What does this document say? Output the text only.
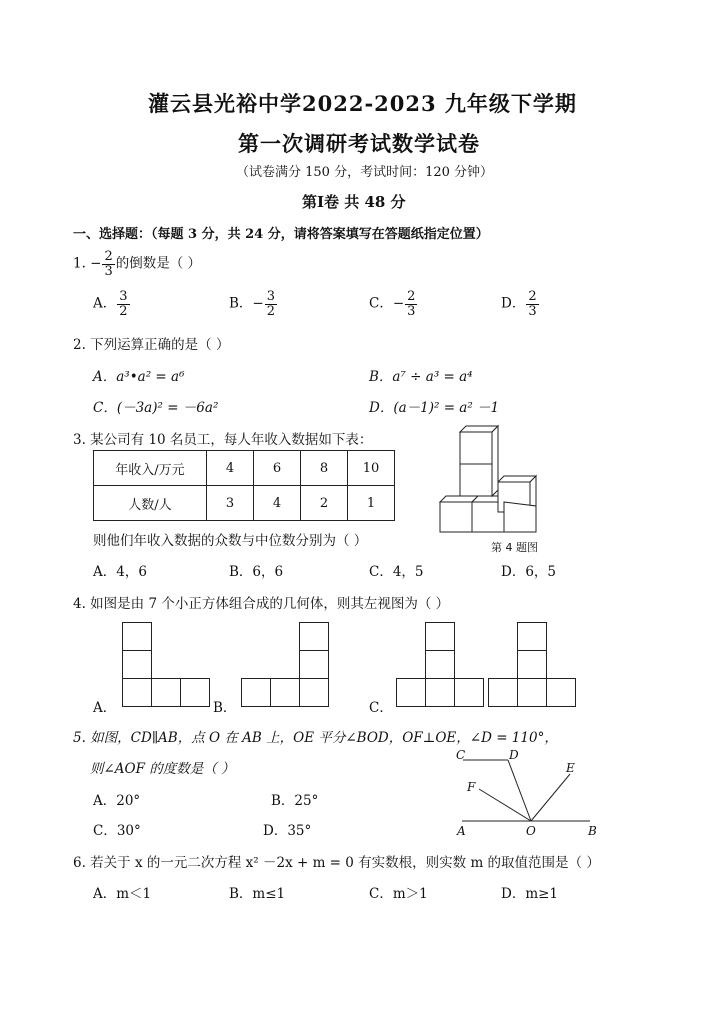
灌云县光裕中学2022-2023 九年级下学期
第一次调研考试数学试卷
（试卷满分 150 分，考试时间：120 分钟）
第Ⅰ卷 共 48 分
一、选择题：（每题 3 分，共 24 分，请将答案填写在答题纸指定位置）
1. − $\frac{2}{3}$ 的倒数是（ ）
A． $\frac{3}{2}$	B．− $\frac{3}{2}$	C．− $\frac{2}{3}$	D． $\frac{2}{3}$
2. 下列运算正确的是（ ）
A．a³•a² = a⁶	B．a⁷ ÷ a³ = a⁴
C．(－3a)² = －6a²	D．(a－1)² = a² －1
3. 某公司有 10 名员工，每人年收入数据如下表：
年收入/万元	4	6	8	10
人数/人	3	4	2	1
第 4 题图
则他们年收入数据的众数与中位数分别为（ ）
A．4，6	B．6，6	C．4，5	D．6，5
4. 如图是由 7 个小正方体组合成的几何体，则其左视图为（ ）
A．	B．	C．
5. 如图，CD∥AB，点 O 在 AB 上，OE 平分∠BOD，OF⊥OE，∠D = 110°，
则∠AOF 的度数是（ ）
A．20°	B．25°
C．30°	D．35°
C	D
E
F
A	O	B
6. 若关于 x 的一元二次方程 x² －2x + m = 0 有实数根，则实数 m 的取值范围是（ ）
A．m＜1	B．m≤1	C．m＞1	D．m≥1
